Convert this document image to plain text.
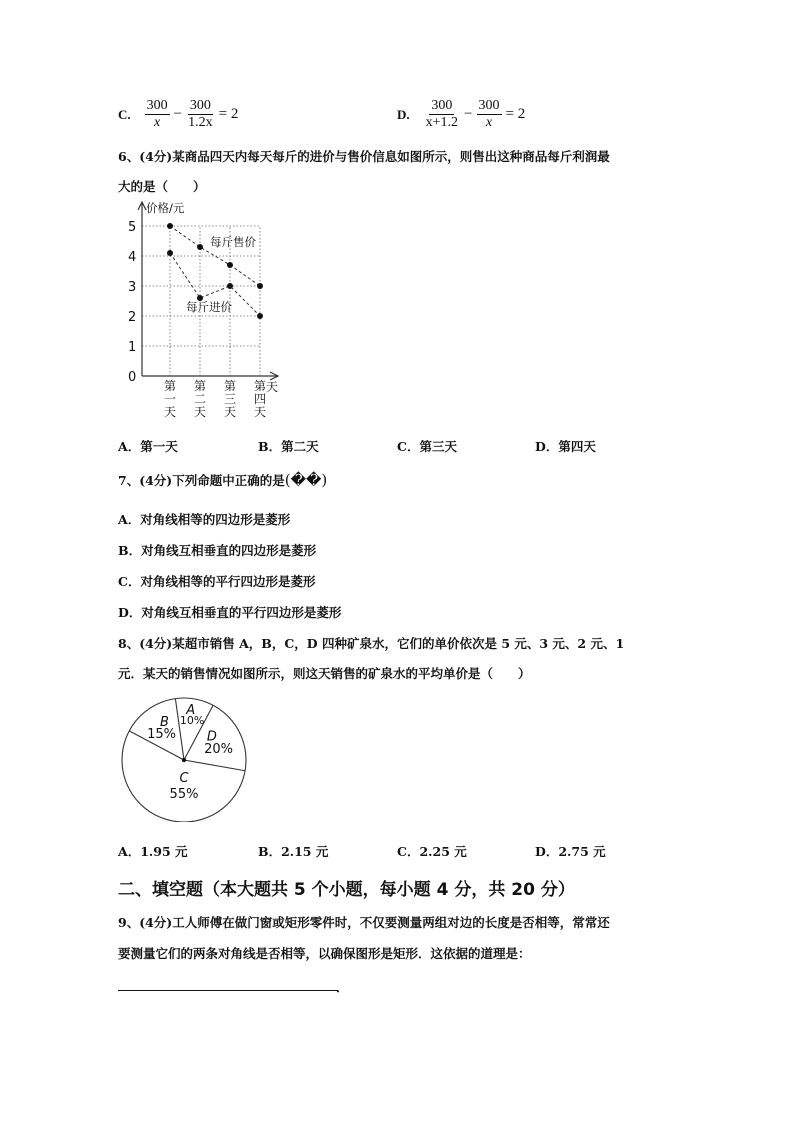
C. $\frac{300}{x} - \frac{300}{1.2x} = 2$	D. $\frac{300}{x+1.2} - \frac{300}{x} = 2$
6、(4分)某商品四天内每天每斤的进价与售价信息如图所示，则售出这种商品每斤利润最
大的是（　　）
0
1
2
3
4
5
第
一
天
第
二
天
第
三
天
第
四
天
价格/元
天
每斤售价
每斤进价
A．第一天	B．第二天	C．第三天	D．第四天
7、(4分)下列命题中正确的是(��)
A．对角线相等的四边形是菱形
B．对角线互相垂直的四边形是菱形
C．对角线相等的平行四边形是菱形
D．对角线互相垂直的平行四边形是菱形
8、(4分)某超市销售 A，B，C，D 四种矿泉水，它们的单价依次是 5 元、3 元、2 元、1
元．某天的销售情况如图所示，则这天销售的矿泉水的平均单价是（　　）
A
10%
D
20%
C
55%
B
15%
A．1.95 元	B．2.15 元	C．2.25 元	D．2.75 元
二、填空题（本大题共 5 个小题，每小题 4 分，共 20 分）
9、(4分)工人师傅在做门窗或矩形零件时，不仅要测量两组对边的长度是否相等，常常还
要测量它们的两条对角线是否相等，以确保图形是矩形．这依据的道理是：
．
